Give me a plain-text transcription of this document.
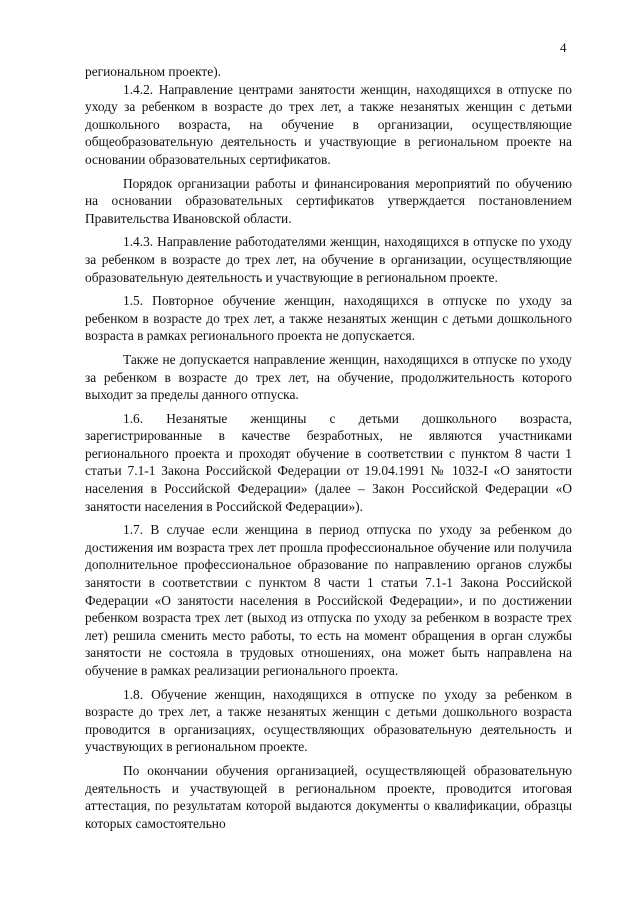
4

региональном проекте).

1.4.2. Направление центрами занятости женщин, находящихся в отпуске по уходу за ребенком в возрасте до трех лет, а также незанятых женщин с детьми дошкольного возраста, на обучение в организации, осуществляющие общеобразовательную деятельность и участвующие в региональном проекте на основании образовательных сертификатов.

Порядок организации работы и финансирования мероприятий по обучению на основании образовательных сертификатов утверждается постановлением Правительства Ивановской области.

1.4.3. Направление работодателями женщин, находящихся в отпуске по уходу за ребенком в возрасте до трех лет, на обучение в организации, осуществляющие образовательную деятельность и участвующие в региональном проекте.

1.5. Повторное обучение женщин, находящихся в отпуске по уходу за ребенком в возрасте до трех лет, а также незанятых женщин с детьми дошкольного возраста в рамках регионального проекта не допускается.

Также не допускается направление женщин, находящихся в отпуске по уходу за ребенком в возрасте до трех лет, на обучение, продолжительность которого выходит за пределы данного отпуска.

1.6. Незанятые женщины с детьми дошкольного возраста, зарегистрированные в качестве безработных, не являются участниками регионального проекта и проходят обучение в соответствии с пунктом 8 части 1 статьи 7.1-1 Закона Российской Федерации от 19.04.1991 № 1032-I «О занятости населения в Российской Федерации» (далее – Закон Российской Федерации «О занятости населения в Российской Федерации»).

1.7. В случае если женщина в период отпуска по уходу за ребенком до достижения им возраста трех лет прошла профессиональное обучение или получила дополнительное профессиональное образование по направлению органов службы занятости в соответствии с пунктом 8 части 1 статьи 7.1-1 Закона Российской Федерации «О занятости населения в Российской Федерации», и по достижении ребенком возраста трех лет (выход из отпуска по уходу за ребенком в возрасте трех лет) решила сменить место работы, то есть на момент обращения в орган службы занятости не состояла в трудовых отношениях, она может быть направлена на обучение в рамках реализации регионального проекта.

1.8. Обучение женщин, находящихся в отпуске по уходу за ребенком в возрасте до трех лет, а также незанятых женщин с детьми дошкольного возраста проводится в организациях, осуществляющих образовательную деятельность и участвующих в региональном проекте.

По окончании обучения организацией, осуществляющей образовательную деятельность и участвующей в региональном проекте, проводится итоговая аттестация, по результатам которой выдаются документы о квалификации, образцы которых самостоятельно
